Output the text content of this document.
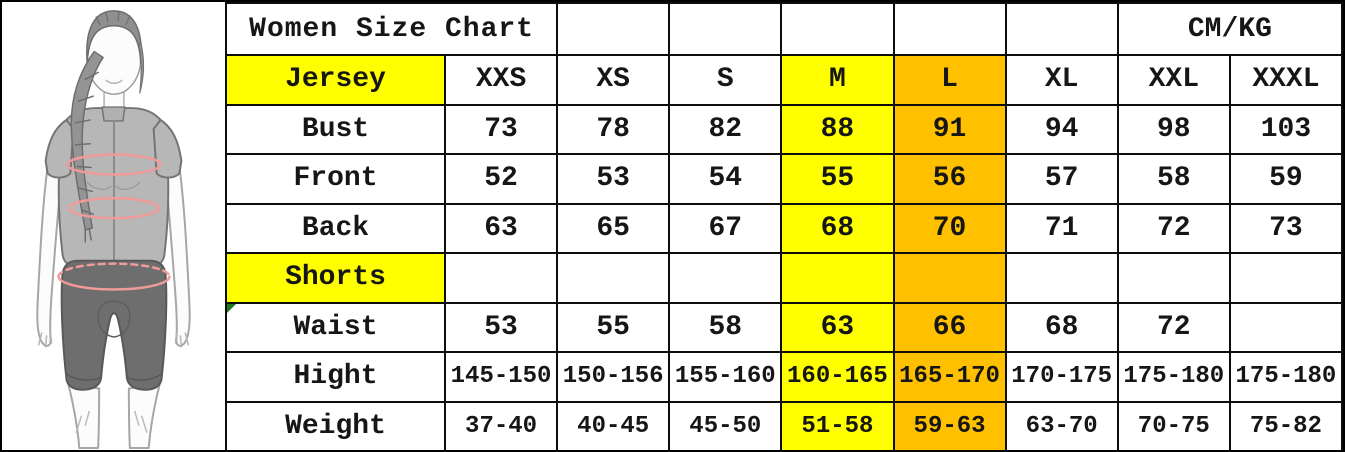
Women Size Chart							CM/KG	
Jersey	XXS	XS	S	M	L	XL	XXL	XXXL
Bust	73	78	82	88	91	94	98	103
Front	52	53	54	55	56	57	58	59
Back	63	65	67	68	70	71	72	73
Shorts								

Waist	53	55	58	63	66	68	72	
Hight	145-150	150-156	155-160	160-165	165-170	170-175	175-180	175-180
Weight	37-40	40-45	45-50	51-58	59-63	63-70	70-75	75-82
